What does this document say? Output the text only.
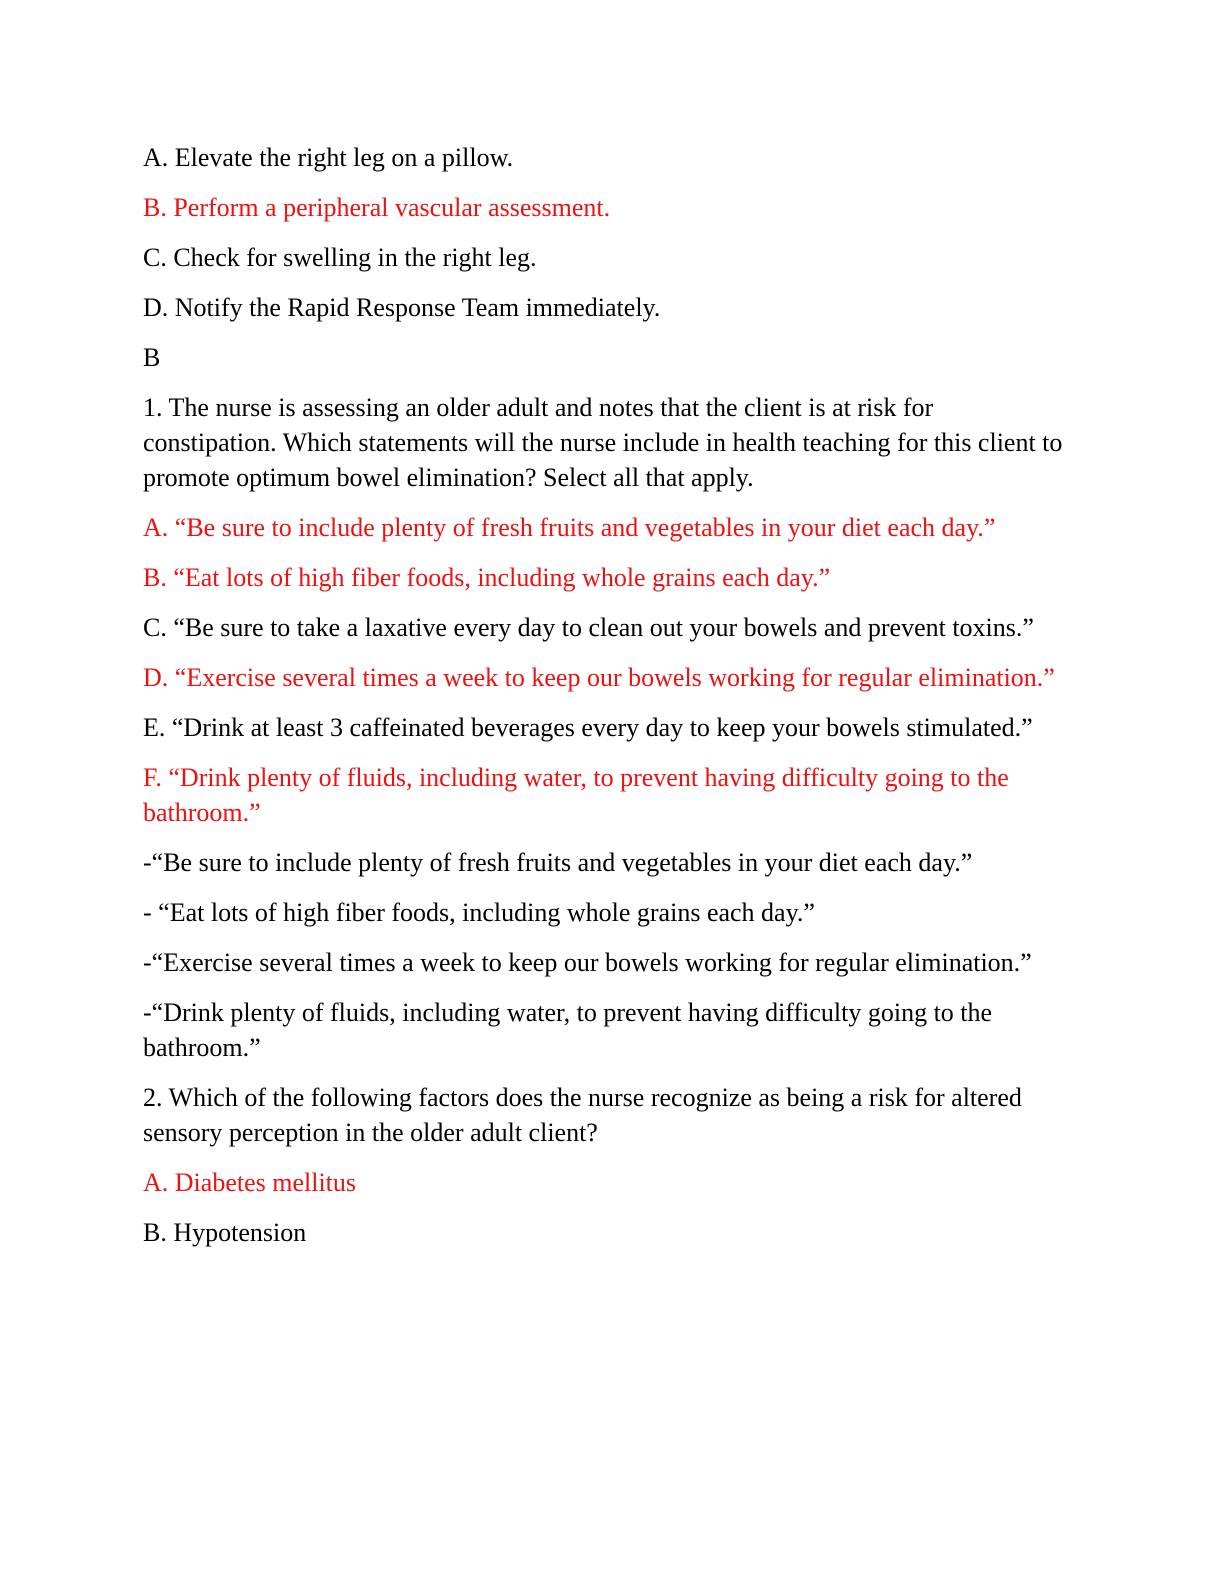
A. Elevate the right leg on a pillow.

B. Perform a peripheral vascular assessment.

C. Check for swelling in the right leg.

D. Notify the Rapid Response Team immediately.

B

1. The nurse is assessing an older adult and notes that the client is at risk for constipation. Which statements will the nurse include in health teaching for this client to promote optimum bowel elimination? Select all that apply.

A. “Be sure to include plenty of fresh fruits and vegetables in your diet each day.”

B. “Eat lots of high fiber foods, including whole grains each day.”

C. “Be sure to take a laxative every day to clean out your bowels and prevent toxins.”

D. “Exercise several times a week to keep our bowels working for regular elimination.”

E. “Drink at least 3 caffeinated beverages every day to keep your bowels stimulated.”

F. “Drink plenty of fluids, including water, to prevent having difficulty going to the bathroom.”

-“Be sure to include plenty of fresh fruits and vegetables in your diet each day.”

- “Eat lots of high fiber foods, including whole grains each day.”

-“Exercise several times a week to keep our bowels working for regular elimination.”

-“Drink plenty of fluids, including water, to prevent having difficulty going to the bathroom.”

2. Which of the following factors does the nurse recognize as being a risk for altered sensory perception in the older adult client?

A. Diabetes mellitus

B. Hypotension
